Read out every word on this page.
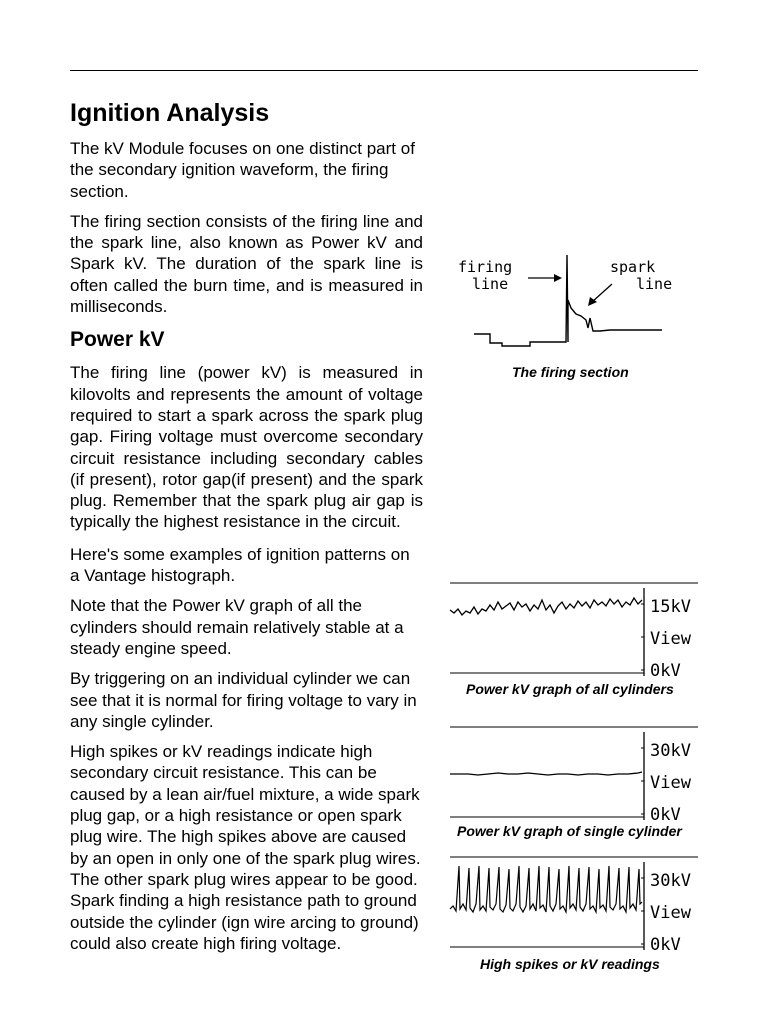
Ignition Analysis

The kV Module focuses on one distinct part of the secondary ignition waveform, the firing section.

The firing section consists of the firing line and the spark line, also known as Power kV and Spark kV. The duration of the spark line is often called the burn time, and is measured in milliseconds.

Power kV

The firing line (power kV) is measured in kilovolts and represents the amount of voltage required to start a spark across the spark plug gap. Firing voltage must overcome secondary circuit resistance including secondary cables (if present), rotor gap(if present) and the spark plug. Remember that the spark plug air gap is typically the highest resistance in the circuit.

Here's some examples of ignition patterns on a Vantage histograph.

Note that the Power kV graph of all the cylinders should remain relatively stable at a steady engine speed.

By triggering on an individual cylinder we can see that it is normal for firing voltage to vary in any single cylinder.

High spikes or kV readings indicate high secondary circuit resistance. This can be caused by a lean air/fuel mixture, a wide spark plug gap, or a high resistance or open spark plug wire. The high spikes above are caused by an open in only one of the spark plug wires. The other spark plug wires appear to be good. Spark finding a high resistance path to ground outside the cylinder (ign wire arcing to ground) could also create high firing voltage.

firing
line
spark
line
The firing section
15kV
View
0kV
Power kV graph of all cylinders
30kV
View
0kV
Power kV graph of single cylinder
30kV
View
0kV
High spikes or kV readings
